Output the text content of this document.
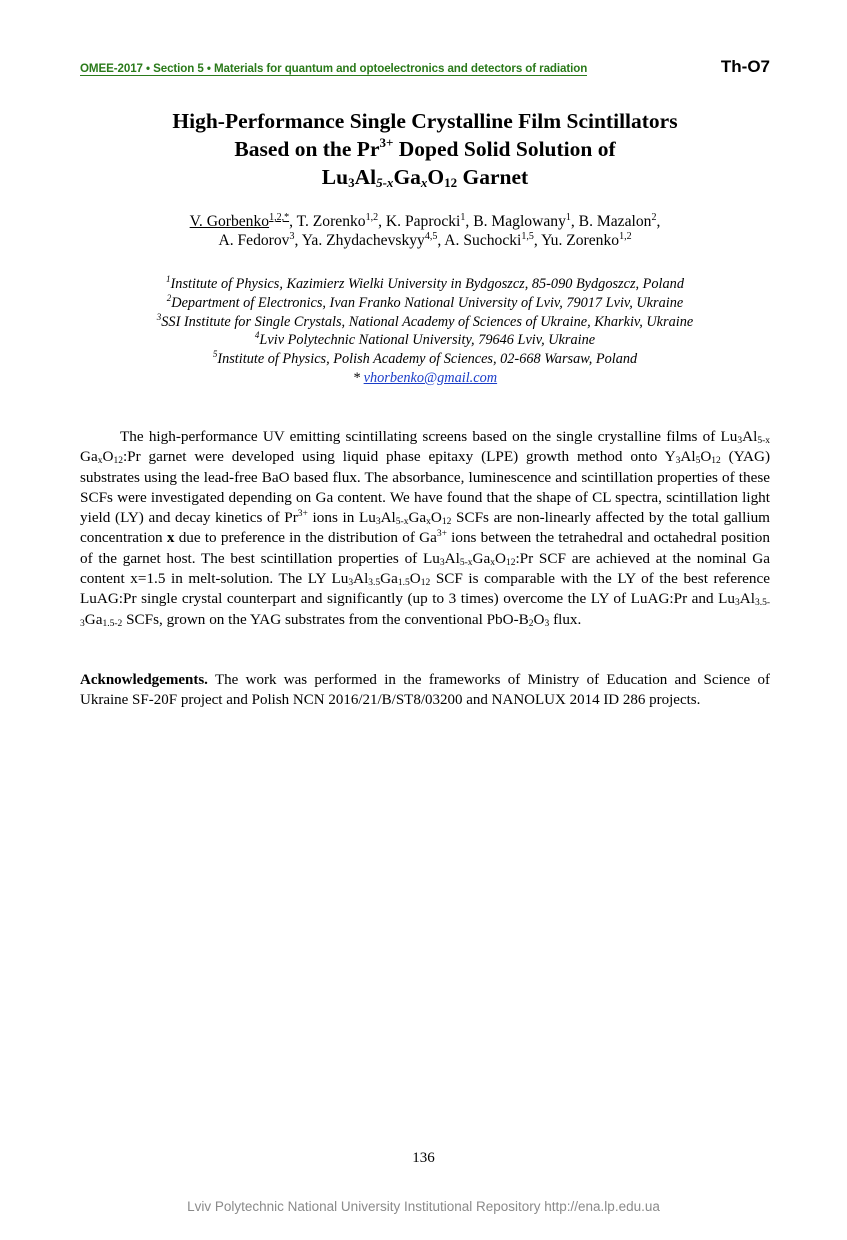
OMEE-2017 • Section 5 • Materials for quantum and optoelectronics and detectors of radiation	Th-O7
High-Performance Single Crystalline Film Scintillators
Based on the $Pr^{3+}$ Doped Solid Solution of
$Lu_3Al_{5-x}Ga_xO_{12}$ Garnet
V. Gorbenko$^{1,2,*}$, T. Zorenko$^{1,2}$, K. Paprocki$^1$, B. Maglowany$^1$, B. Mazalon$^2$,
A. Fedorov$^3$, Ya. Zhydachevskyy$^{4,5}$, A. Suchocki$^{1,5}$, Yu. Zorenko$^{1,2}$
$^1$Institute of Physics, Kazimierz Wielki University in Bydgoszcz, 85-090 Bydgoszcz, Poland
$^2$Department of Electronics, Ivan Franko National University of Lviv, 79017 Lviv, Ukraine
$^3$SSI Institute for Single Crystals, National Academy of Sciences of Ukraine, Kharkiv, Ukraine
$^4$Lviv Polytechnic National University, 79646 Lviv, Ukraine
$^5$Institute of Physics, Polish Academy of Sciences, 02-668 Warsaw, Poland
* vhorbenko@gmail.com

The high-performance UV emitting scintillating screens based on the single crystalline films of $Lu_3Al_{5-x}$ $Ga_xO_{12}:Pr$ garnet were developed using liquid phase epitaxy (LPE) growth method onto $Y_3Al_5O_{12}$ (YAG) substrates using the lead-free BaO based flux. The absorbance, luminescence and scintillation properties of these SCFs were investigated depending on Ga content. We have found that the shape of CL spectra, scintillation light yield (LY) and decay kinetics of $Pr^{3+}$ ions in $Lu_3Al_{5-x}Ga_xO_{12}$ SCFs are non-linearly affected by the total gallium concentration x due to preference in the distribution of $Ga^{3+}$ ions between the tetrahedral and octahedral position of the garnet host. The best scintillation properties of $Lu_3Al_{5-x}Ga_xO_{12}:Pr$ SCF are achieved at the nominal Ga content x=1.5 in melt-solution. The LY $Lu_3Al_{3.5}Ga_{1.5}O_{12}$ SCF is comparable with the LY of the best reference LuAG:Pr single crystal counterpart and significantly (up to 3 times) overcome the LY of LuAG:Pr and $Lu_3Al_{3.5-3}Ga_{1.5-2}$ SCFs, grown on the YAG substrates from the conventional PbO-$B_2O_3$ flux.

Acknowledgements. The work was performed in the frameworks of Ministry of Education and Science of Ukraine SF-20F project and Polish NCN 2016/21/B/ST8/03200 and NANOLUX 2014 ID 286 projects.
136
Lviv Polytechnic National University Institutional Repository http://ena.lp.edu.ua
